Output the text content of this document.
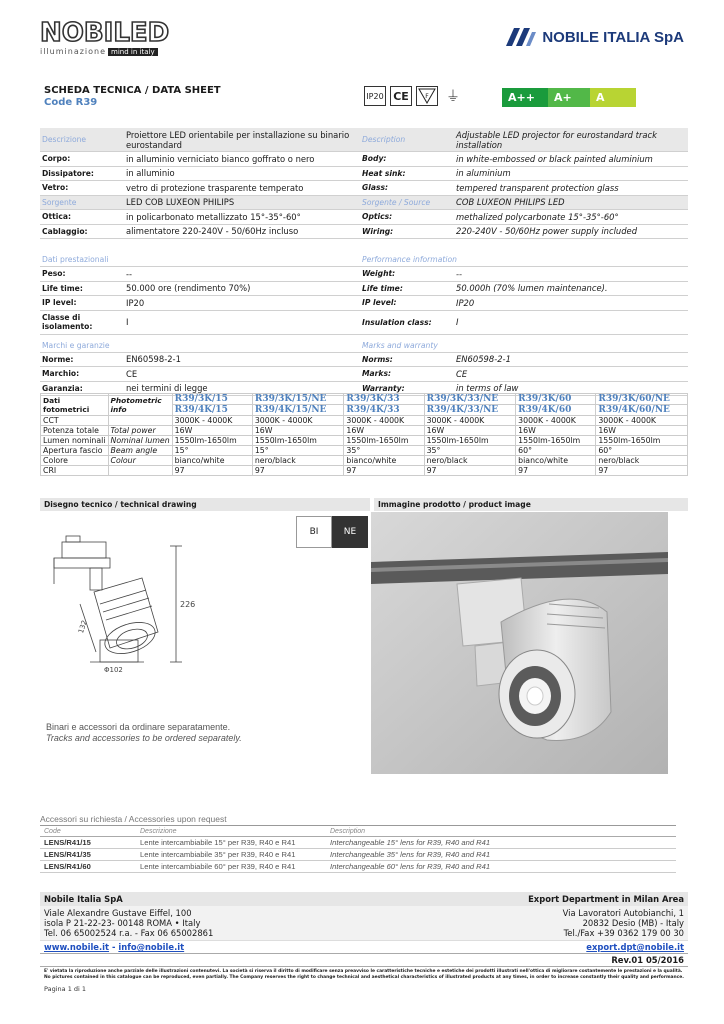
NOBILED
illuminazione mind in italy
NOBILE ITALIA SpA
SCHEDA TECNICA / DATA SHEET
Code R39
IP20 CE	F ⏚	A++	A+	A
Descrizione	Proiettore LED orientabile per installazione su binario eurostandard	Description	Adjustable LED projector for eurostandard track installation
Corpo:	in alluminio verniciato bianco goffrato o nero	Body:	in white-embossed or black painted aluminium
Dissipatore:	in alluminio	Heat sink:	in aluminium
Vetro:	vetro di protezione trasparente temperato	Glass:	tempered transparent protection glass
Sorgente	LED COB LUXEON PHILIPS	Sorgente / Source	COB LUXEON PHILIPS LED
Ottica:	in policarbonato metallizzato 15°-35°-60°	Optics:	methalized polycarbonate 15°-35°-60°
Cablaggio:	alimentatore 220-240V - 50/60Hz incluso	Wiring:	220-240V - 50/60Hz power supply included
Dati prestazionali	Performance information
Peso:	--	Weight:	--
Life time:	50.000 ore (rendimento 70%)	Life time:	50.000h (70% lumen maintenance).
IP level:	IP20	IP level:	IP20
Classe di isolamento:	I	Insulation class:	I
Marchi e garanzie	Marks and warranty
Norme:	EN60598-2-1	Norms:	EN60598-2-1
Marchio:	CE	Marks:	CE
Garanzia:	nei termini di legge	Warranty:	in terms of law
Dati fotometrici	Photometric info	R39/3K/15	R39/3K/15/NE	R39/3K/33	R39/3K/33/NE	R39/3K/60	R39/3K/60/NE
		R39/4K/15	R39/4K/15/NE	R39/4K/33	R39/4K/33/NE	R39/4K/60	R39/4K/60/NE
CCT		3000K - 4000K	3000K - 4000K	3000K - 4000K	3000K - 4000K	3000K - 4000K	3000K - 4000K
Potenza totale	Total power	16W	16W	16W	16W	16W	16W
Lumen nominali	Nominal lumen	1550lm-1650lm	1550lm-1650lm	1550lm-1650lm	1550lm-1650lm	1550lm-1650lm	1550lm-1650lm
Apertura fascio	Beam angle	15°	15°	35°	35°	60°	60°
Colore	Colour	bianco/white	nero/black	bianco/white	nero/black	bianco/white	nero/black
CRI		97	97	97	97	97	97
Disegno tecnico / technical drawing	Immagine prodotto / product image
226
132
Φ102
BI	NE
Binari e accessori da ordinare separatamente.
Tracks and accessories to be ordered separately.
Accessori su richiesta / Accessories upon request
Code	Descrizione	Description
LENS/R41/15	Lente intercambiabile 15° per R39, R40 e R41	Interchangeable 15° lens for R39, R40 and R41
LENS/R41/35	Lente intercambiabile 35° per R39, R40 e R41	Interchangeable 35° lens for R39, R40 and R41
LENS/R41/60	Lente intercambiabile 60° per R39, R40 e R41	Interchangeable 60° lens for R39, R40 and R41
Nobile Italia SpA	Export Department in Milan Area
Viale Alexandre Gustave Eiffel, 100
isola P 21-22-23- 00148 ROMA • Italy
Tel. 06 65002524 r.a. - Fax 06 65002861
Via Lavoratori Autobianchi, 1
20832 Desio (MB) - Italy
Tel./Fax +39 0362 179 00 30
www.nobile.it - info@nobile.it	export.dpt@nobile.it
Rev.01 05/2016
E' vietata la riproduzione anche parziale delle illustrazioni contenutevi. La società si riserva il diritto di modificare senza preavviso le caratteristiche tecniche e estetiche dei prodotti illustrati nell'ottica di migliorare costantemente le prestazioni e la qualità.
No pictures contained in this catalogue can be reproduced, even partially. The Company reserves the right to change technical and aesthetical characteristics of illustrated products at any times, in order to increase constantly their quality and performance.
Pagina 1 di 1
